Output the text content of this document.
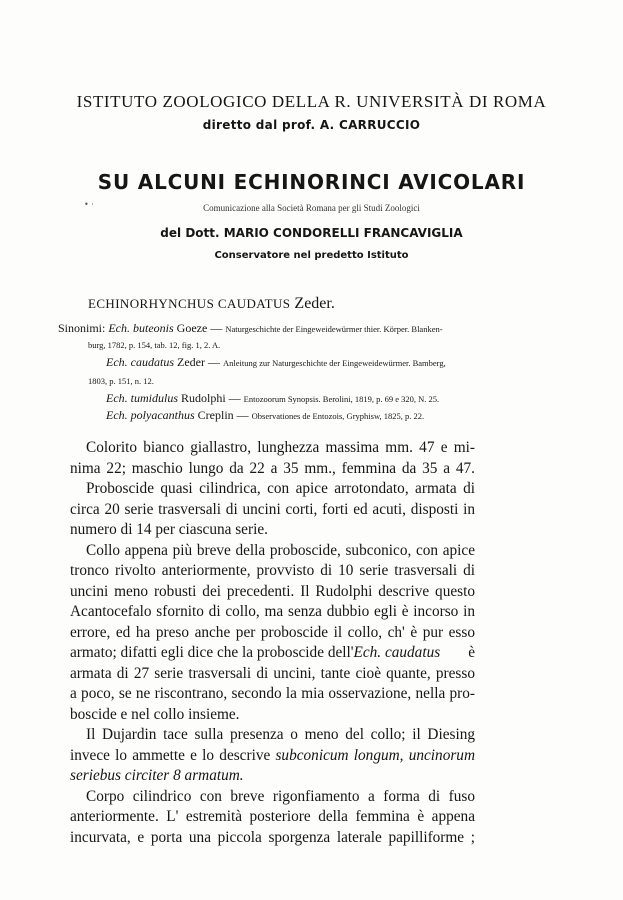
ISTITUTO ZOOLOGICO DELLA R. UNIVERSITÀ DI ROMA
diretto dal prof. A. CARRUCCIO
SU ALCUNI ECHINORINCI AVICOLARI
• ·	Comunicazione alla Società Romana per gli Studi Zoologici
del Dott. MARIO CONDORELLI FRANCAVIGLIA
Conservatore nel predetto Istituto
ECHINORHYNCHUS CAUDATUS Zeder.
Sinonimi: Ech. buteonis Goeze — Naturgeschichte der Eingeweidewürmer thier. Körper. Blanken-
burg, 1782, p. 154, tab. 12, fig. 1, 2. A.
Ech. caudatus Zeder — Anleitung zur Naturgeschichte der Eingeweidewürmer. Bamberg,
1803, p. 151, n. 12.
Ech. tumidulus Rudolphi — Entozoorum Synopsis. Berolini, 1819, p. 69 e 320, N. 25.
Ech. polyacanthus Creplin — Observationes de Entozois, Gryphisw, 1825, p. 22.
Colorito bianco giallastro, lunghezza massima mm. 47 e mi-
nima 22; maschio lungo da 22 a 35 mm., femmina da 35 a 47.
Proboscide quasi cilindrica, con apice arrotondato, armata di
circa 20 serie trasversali di uncini corti, forti ed acuti, disposti in
numero di 14 per ciascuna serie.
Collo appena più breve della proboscide, subconico, con apice
tronco rivolto anteriormente, provvisto di 10 serie trasversali di
uncini meno robusti dei precedenti. Il Rudolphi descrive questo
Acantocefalo sfornito di collo, ma senza dubbio egli è incorso in
errore, ed ha preso anche per proboscide il collo, ch' è pur esso
armato; difatti egli dice che la proboscide dell'Ech. caudatus è
armata di 27 serie trasversali di uncini, tante cioè quante, presso
a poco, se ne riscontrano, secondo la mia osservazione, nella pro-
boscide e nel collo insieme.
Il Dujardin tace sulla presenza o meno del collo; il Diesing
invece lo ammette e lo descrive subconicum longum, uncinorum
seriebus circiter 8 armatum.
Corpo cilindrico con breve rigonfiamento a forma di fuso
anteriormente. L' estremità posteriore della femmina è appena
incurvata, e porta una piccola sporgenza laterale papilliforme ;
